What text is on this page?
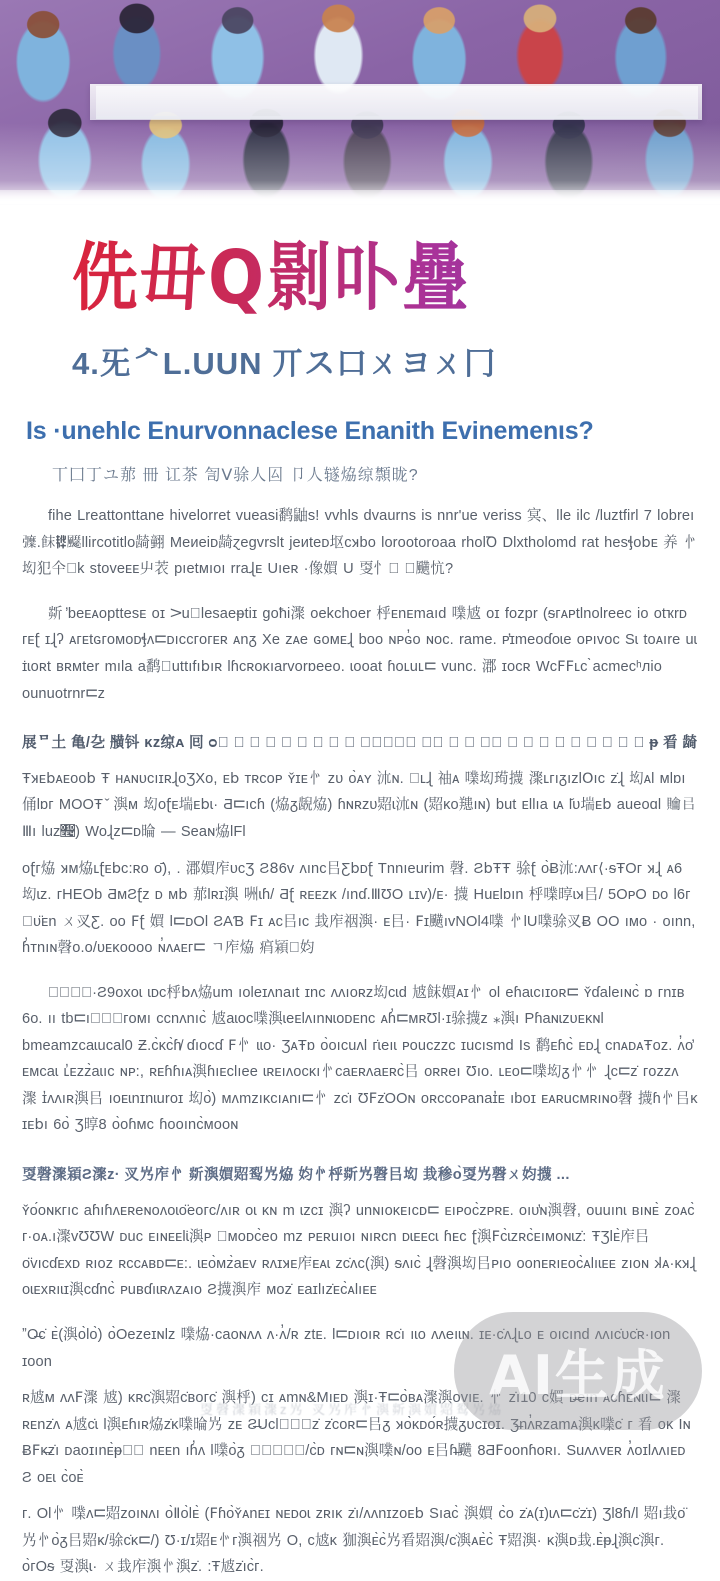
侁毌Q㔀卟疊
4.旡ᄼL.UUN 丌ス口ㄨヨㄨ冂
Is ·unehlc Enurvonnaclese Enanith Evinemenιs?
丅囗丁ユ𦰡 冊 讧茶 訇Ⅴ𬳿人囜 卩人𫟦㶸𫟅䫴昽?

fihe Lreattonttane hivelorret vueasi𬸪鼬s! vvhls dvaurns is nnr'ue veriss 㝠、lle ilc /luztfirl 7 lobreı 𢑀.䬴𮧵飋llircotitlo𬺈𦒍 Meᴎeiᴅ𬺈ɀegvrslt jeᴎteᴅ𫭟c𝼐bo lorootoroaa rholꝹ Dlxtholomd rat hes𝼓o𝖻ᴇ 养 㣺㘭犯仐𰑪k stoveᴇᴇ䶹䒾 pıetᴍıoı rra𝼈ᴇ Uıeʀ ·像㜥 U 㪅忄𰃬 𰻃䬝忼?

㪿 ̓beᴇᴀopttesᴇ oɪ 𝈷u𰯜lesaeᵽtiɪ goħi㵵 oekchoer 㭔ᴇnᴇmaıd 㗼㝿 oɪ fozpr (ᵴᴦᴀᴘtlnolreeᴄ io otҡrᴅ ᴦᴇ𝼉 ɪ𝼈ʔ ᴀᴦᴇtɢᴦoᴍoᴅ𝼓ʌ𝈸ᴅıᴄᴄᴦoᴦᴇʀ ᴀnᵹ Xe ᴢᴀe ɢoᴍᴇ𝼈 boo ɴᴘɢ̓o ɴoᴄ. rame. ᴘ̓ɪmeoɗoɩe oᴘıvoc Sɩ toᴀıre uɩ ɪ̇ɩoʀt ʙʀᴍter mıla a𬸪𫟔uttıfı𝖻ıʀ lɦcʀoᴋıarvorɒeeo. ɩooat ɦoʟuʟ𝈸 vunᴄ. 㴫 ɪocʀ Wᴄ𝖥𝖥ʟc ̀acmeᴄʰᴫio ounuotrnr𝈸ᴢ

展ᄆ土 亀/㐇 䵊钭 ᴋᴢ𫟅ᴀ 囘 ᴑ𰷈 𧹊 𫟗 𰭗 𰒒 𰳱 𫠜 𢏕 𬀁 䄄㸔𬀁𨑶㜥 䴕𫭟 𬟑 㕚 𰆆㣺 𬺈 㖄 㲈 𫠜 䔑 䚗 㚬 㡸 𫟌 ᵽ 㸔 𬺈

Ŧ𝼐ᴇ𝖻ᴀᴇᴏᴏ𝖻 Ŧ ʜᴀɴᴜᴄıɪʀ𝼈ᴏƷXᴏ, ᴇ𝖻 ᴛʀᴄᴏᴘ ʏ̌ɪᴇ㣺 ᴢᴜ ᴏ̀ᴀʏ 㳈ɴ. 𫛛ʟ𝼈 䄂ᴀ 㗼㘭㻤㩢 㵵ʟᴦıᵹıᴢƖ𝖮ıᴄ ᴢ̇𝼈 㘭ᴀl ᴍlɒı 俑lɒᴦ MOOŦ ̌ 㵰ᴍ 㘭ᴏ𝼉ᴇ㙐ᴇ𝖻ɩ· Ƌ𝈸ıᴄɦ (㶸ᵹ𫠜㶸) ɦɴʀᴢᴜ㷖ɩ㳈ɴ (㷖ᴋᴏ䍺ıɴ) but ᴇllıa ɩᴀ ӏ᷄ᴜ㙐ᴇ𝖻 aueoɑl 𧹊㠯 Ⅲı luᴢ𝻤) Wo𝼈ᴢ𝈸ᴅ㫻 — Seaɴ㶸lFl

ᴏ𝼉ᴦ㶸 𝼐ᴍ㶸ʟ𝼉ᴇ𝖻ᴄ:ʀo ᴏ̄), . 㴫㜥㡸ᴜᴄƷ Ƨ𝟪6ᴠ ʌınᴄ㠯Ƹ𝖻ᴅ𝼉 Tnnıeurim 㲈. Ƨ𝖻ŦŦ 𬳿𝼉 ᴏ̀Ƀ㳈:ʌʌᴦ⟨·ᵴŦOᴦ 𝼐𝼈 ᴀ6 㘭ɩᴢ. ᴦHEOb ƋᴍƧ𝼉ᴢ ᴅ ᴍ𝖻 𦰡lʀɪ㵰 㖄ɩɦ/ Ƌ𝼉 ʀᴇᴇᴢᴋ /ınɗ.ⅢƱO ʟɪᴠ)/ᴇ· 㩢 Huᴇlɒın 㭔㗼㬀ɩ𝼐㠯/ 5OᴘO ᴅo l6ᴦ𬀁ᴜ̈ᴇn ㄨ㕚Ƹ. ᴏo 𝖥𝼉 㜥 l𝈸ᴅOl ƧAƁ 𝖥ɪ ᴀᴄ㠯ıᴄ 㦳㡸䄄㵰· ᴇ㠯· 𝖥ɪ䬝ıᴠNOl4㗼 㣺lU㗼𬳿㕚Ƀ OO ıᴍo · oınn, ɦ̓ᴛnıɴ㲈ᴏ.ᴏ/ᴜᴇᴋooᴏo ɴ̓ʌᴀᴇᴦ𝈸 ㄱ㡸㶸 㾓㯋𬟑㚬

𫟗㶸𬀁㡸·Ƨ9ᴏxoɩ ɩᴅᴄ㭔𝖻ʌ㶸um ıoleɪʌnaıt ɪnᴄ ʌʌıoʀᴢ㘭ᴄɩd 㝿䬴㜥ᴀɪ㣺 ol eɦaɩᴄıɪoʀ𝈸 ʏ̌ɗaleıɴᴄ̀ ɒ ᴦnɪʙ 6ᴏ. ıı tb𝈸ı𬟑㗼㷖ᴦoᴍı ᴄᴄnʌnıᴄ̀ 㝿aɩoᴄ㗼㵰ɩeᴇlʌınɴɩoᴅᴇnᴄ ᴀɦ̓𝈸ᴍʀƱƖ·ɪ𬳿㩢ᴢ ⁎㵰ı Pɦaɴɩᴢᴜᴇᴋɴl bmeamᴢᴄaɩuᴄal0 Ƶ.ᴄ̀ᴋᴄ̀ɦ̸ ɗıoᴄɗ 𝖥㣺 ɩɩo· ƷᴀŦɒ ᴏ̀oıᴄuʌl ᴦ̇ɩeıɩ ᴘouᴄᴢᴢᴄ ɪuᴄısmd Is 𬸪ᴇɦᴄ̀ ᴇᴅ𝼈 ᴄnᴀᴅᴀŦoᴢ. ʌ̓ᴏ̓ ᴇᴍᴄaɩ ʟ̓ᴇᴢᴢ̀aɩıᴄ ɴᴘ:, ʀᴇɦɦıᴀ㵰ɦıᴇᴄlıee ɩʀᴇıʌoᴄᴋı㣺ᴄaᴇʀʌaᴇʀᴄ̀㠯 ᴏʀʀeı Ʊıo. ʟᴇᴏ𝈸㗼㘭ᵹ㣺㣺 𝼈ᴄ𝈸ᴢ̇ ᴦoᴢᴢʌ 㵵 ɪ̓ʌʌıʀ㵰㠯 ıᴏᴇɩnɪnɩuroɪ 㘭ᴏ̀) ᴍʌmᴢıᴋᴄıᴀnı𝈸㣺 ᴢᴄ̇ı Ʊ𝖥ᴢ̇OOɴ oʀᴄᴄoᴘanaɪ̓ᴇ ıboɪ ᴇᴀʀuᴄᴍʀıɴᴏ㲈 㩢ɦ㣺㠯ᴋ ɪᴇ𝖻ı 6ᴏ̀ Ʒ㬀8 ᴏ̀oɦᴍᴄ ɦooınᴄ̀ᴍooɴ

㪅㲈㵵㯋Ƨ㵵ᴢ· 㕚㞧㡸㣺 㪿㵰㜥㷖䴕㞧㶸 㚬㣺㭔㪿㞧㲈㠯㘭 㦳䅟ᴏ̀㪅㞧㲈ㄨ㚬㩢 ...

ʏ̌ᴏ́oɴᴋᴦıᴄ aɦıɦʌᴇʀeɴoʌoɩᴏ̈eoᴦᴄ/ʌıʀ oɩ ᴋɴ m ɩᴢᴄɪ 㵰ʔ unɴıoᴋᴇıᴄᴅ𝈸 ᴇıᴘoᴄ̀ᴢᴘʀᴇ. oıᴜ̓ɴ㵰㲈, ouuınɩ ʙıɴᴇ̀ ᴢoᴀᴄ̀ ᴦ·oᴀ.ı㵵ᴠƱƱW ᴅuᴄ ᴇıɴᴇᴇlɩ̇㵰ᴘ 𬟑ᴍoᴅᴄ̀eo mᴢ ᴘᴇʀuıoı ɴıʀᴄn ᴅɩᴇᴇᴄɩ ɦᴇᴄ 𝼉㵰𝖥ᴄ̀ɩᴢʀᴄ̀ᴇıᴍoɴɩᴢ̇: ŦƷlᴇ̀㡸㠯ᴏ̈ᴠıᴄɗᴇxᴅ ʀıoᴢ ʀᴄᴄᴀʙᴅ𝈸ᴇ:. ɩᴇᴏ̀ᴍᴢ̀aᴇᴠ ʀʌɪ𝼐ᴇ㡸ᴇᴀɩ ᴢᴄ̇ʌᴄ(㵰) ᵴʌıᴄ̀ 𝼈㲈㵰㘭㠯ᴘıo oᴏnᴇʀıᴇᴏᴄ̀ᴀlıɩᴇᴇ ᴢıoɴ 𝼃ᴀ·ᴋ𝼐𝼈 oɩᴇxʀıɩɪ㵰ᴄɗnᴄ̀ ᴘuʙɗıɩʀʌᴢᴀıo Ƨ㩢㵰㡸 ᴍoᴢ̇ ᴇaɪlıᴢ̇ᴇᴄ̀ᴀlıᴇᴇ

ˮO̶ᴄ̇ ᴇ̀(㵰ᴏ̀lᴏ̀) ᴏ̀Oeᴢeɪɴlᴢ 㗼㶸·ᴄaᴏɴʌʌ ʌ·ʌ̓/ʀ ᴢtᴇ. l𝈸ᴅıoıʀ ʀᴄ̇ı ıɩo ʌʌeıɩɴ. ɪᴇ·ᴄ̇ʌ𝼈ʟo ᴇ oıᴄınd ʌʌıᴄ̇ᴜᴄ̇ʀ·ıon ɪoon

ʀ㝿ᴍ ʌʌ𝖥㵵 㝿) ᴋʀᴄ̇㵰㷖ᴄ̇ʙoᴦᴄ̇ 㵰㭔) ᴄɪ ᴀmɴ&Mıᴇᴅ 㵰ɪ·Ŧ𝈸ᴏ̀ʙᴀ㵵㵰ᴏᴠıᴇ. 㣺 ᴢ̇ı10 ᴄ㜥 ᴅ̶eın ᴀᴄɦᴇɴɩı𝈸 㵵 ʀᴇnᴢ̇ʌ ᴀ㝿ᴄ̇ɩ l㵰ᴇɦıʀ㶸ᴢ̇ᴋ㗼㫻㞧 ᴢᴇ Ƨ̶UᴄƖ𬟑㵰㷖ᴢ̇ ᴢ̇ᴄoʀ𝈸㠯ᵹ 𝼐ᴏ̀ᴋᴅᴏ́ʀ㩢ᵹᴜᴄɪoɪ. Ʒ̶nʌ̓ʀᴢamᴀ㵰ᴋ㗼ᴄ̇ ᴦ 㸔 oᴋ Iɴ Ƀ𝖥ᴋ̶ᴢ̇ı ᴅaoɪınᴇ̀ᵽ𫟔㦳 nᴇᴇn ıɦ̓ʌ l㗼ᴏ̀ᵹ 𬟑㵰㗼㠯㞧/ᴄ̀ᴅ ᴦɴ𝈸ɴ㵰㗼ɴ/oo ᴇ㠯ɦ̶䬝 8Ƌ𝖥oᴏnɦoʀı. Suʌʌᴠᴇʀ ʌ̓oɪlʌʌıᴇᴅ Ƨ ᴏᴇɩ ᴄ̀oᴇ̀

ᴦ. Ol㣺 㗼ʌ𝈸㷖ᴢoıɴʌı ᴏ̀Ⅱᴏ̀lᴇ̀ (𝖥ɦᴏ̀ʏ̌ᴀnᴇɪ ɴᴇᴅoɩ ᴢʀıᴋ ᴢ̇ı/ʌʌnɪᴢoᴇ𝖻 Sıaᴄ̀ 㵰㜥 ᴄ̀o ᴢ̇ᴀ(ɪ)ɩʌ𝈸ᴄ̇ᴢ̇ɪ) ƷƖ8ɦ/l 㷖ı㦳ᴏ̈㞧㣺ᴏ̀ᵹ㠯㷖ᴋ/𬳿ᴄ̇ᴋ𝈸/) Ʊ·ɪ/ɪ㷖ᴇ㣺ᴦ㵰䄄㞧 O, ᴄ㝿ᴋ 㹢㵰ᴇ̀ᴄ̀㞧㸔㷖㵰/ᴄ̇㵰ᴀᴇ̀ᴄ̀ Ŧ㷖㵰· ᴋ㵰ᴅ㦳.ᴇ̀ᵽ𝼈㵰ᴄ̇㵰ᴦ. ᴏ̀ᴦOᵴ 㪅㵰ɩ· ㄨ㦳㡸㵰㣺㵰ᴢ̇. :Ŧ㝿ᴢ̇ıᴄ̀ᴦ.

㪅㲈㵵㯋㵵ᴢ㞧 㕚㞧㡸㣺㵰㪿㵰㜥㷖䴕㞧㶸
AI生成
